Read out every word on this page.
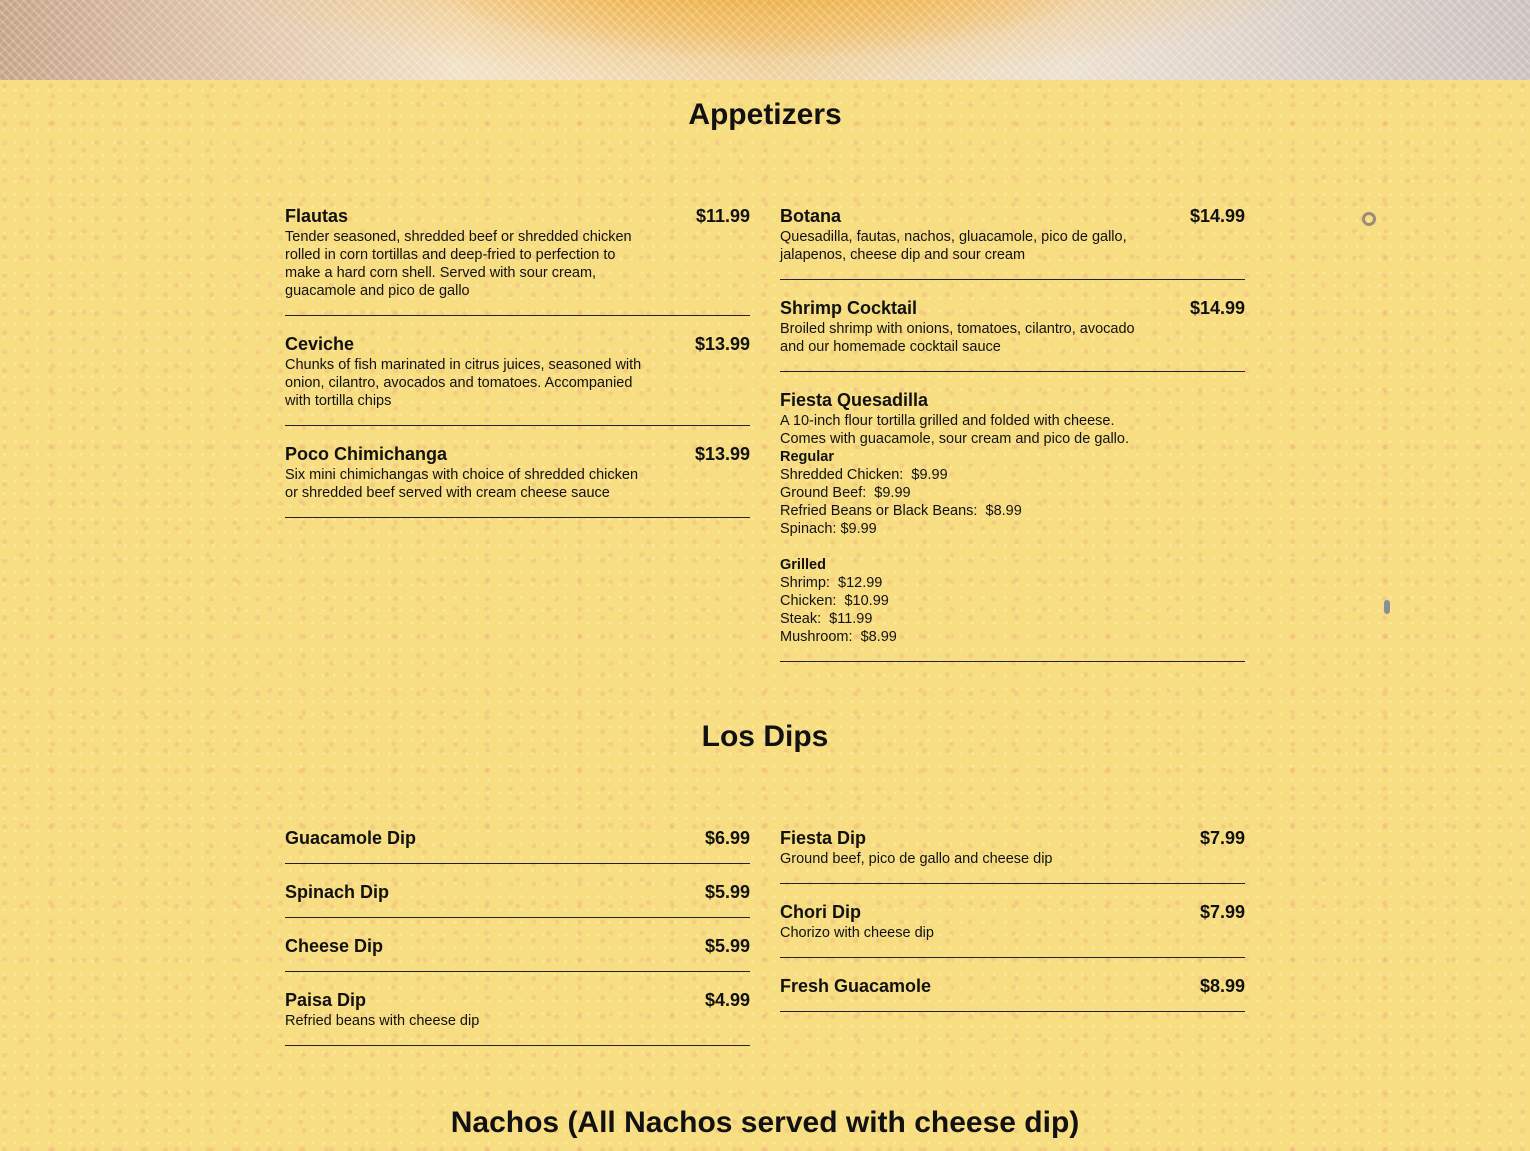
Appetizers
Flautas	$11.99
Tender seasoned, shredded beef or shredded chicken rolled in corn tortillas and deep-fried to perfection to make a hard corn shell. Served with sour cream, guacamole and pico de gallo
Ceviche	$13.99
Chunks of fish marinated in citrus juices, seasoned with onion, cilantro, avocados and tomatoes. Accompanied with tortilla chips
Poco Chimichanga	$13.99
Six mini chimichangas with choice of shredded chicken or shredded beef served with cream cheese sauce
Botana	$14.99
Quesadilla, fautas, nachos, gluacamole, pico de gallo, jalapenos, cheese dip and sour cream
Shrimp Cocktail	$14.99
Broiled shrimp with onions, tomatoes, cilantro, avocado and our homemade cocktail sauce
Fiesta Quesadilla
A 10-inch flour tortilla grilled and folded with cheese.
Comes with guacamole, sour cream and pico de gallo.
Regular
Shredded Chicken:  $9.99
Ground Beef:  $9.99
Refried Beans or Black Beans:  $8.99
Spinach: $9.99
Grilled
Shrimp:  $12.99
Chicken:  $10.99
Steak:  $11.99
Mushroom:  $8.99
Los Dips
Guacamole Dip	$6.99
Spinach Dip	$5.99
Cheese Dip	$5.99
Paisa Dip	$4.99
Refried beans with cheese dip
Fiesta Dip	$7.99
Ground beef, pico de gallo and cheese dip
Chori Dip	$7.99
Chorizo with cheese dip
Fresh Guacamole	$8.99
Nachos (All Nachos served with cheese dip)
